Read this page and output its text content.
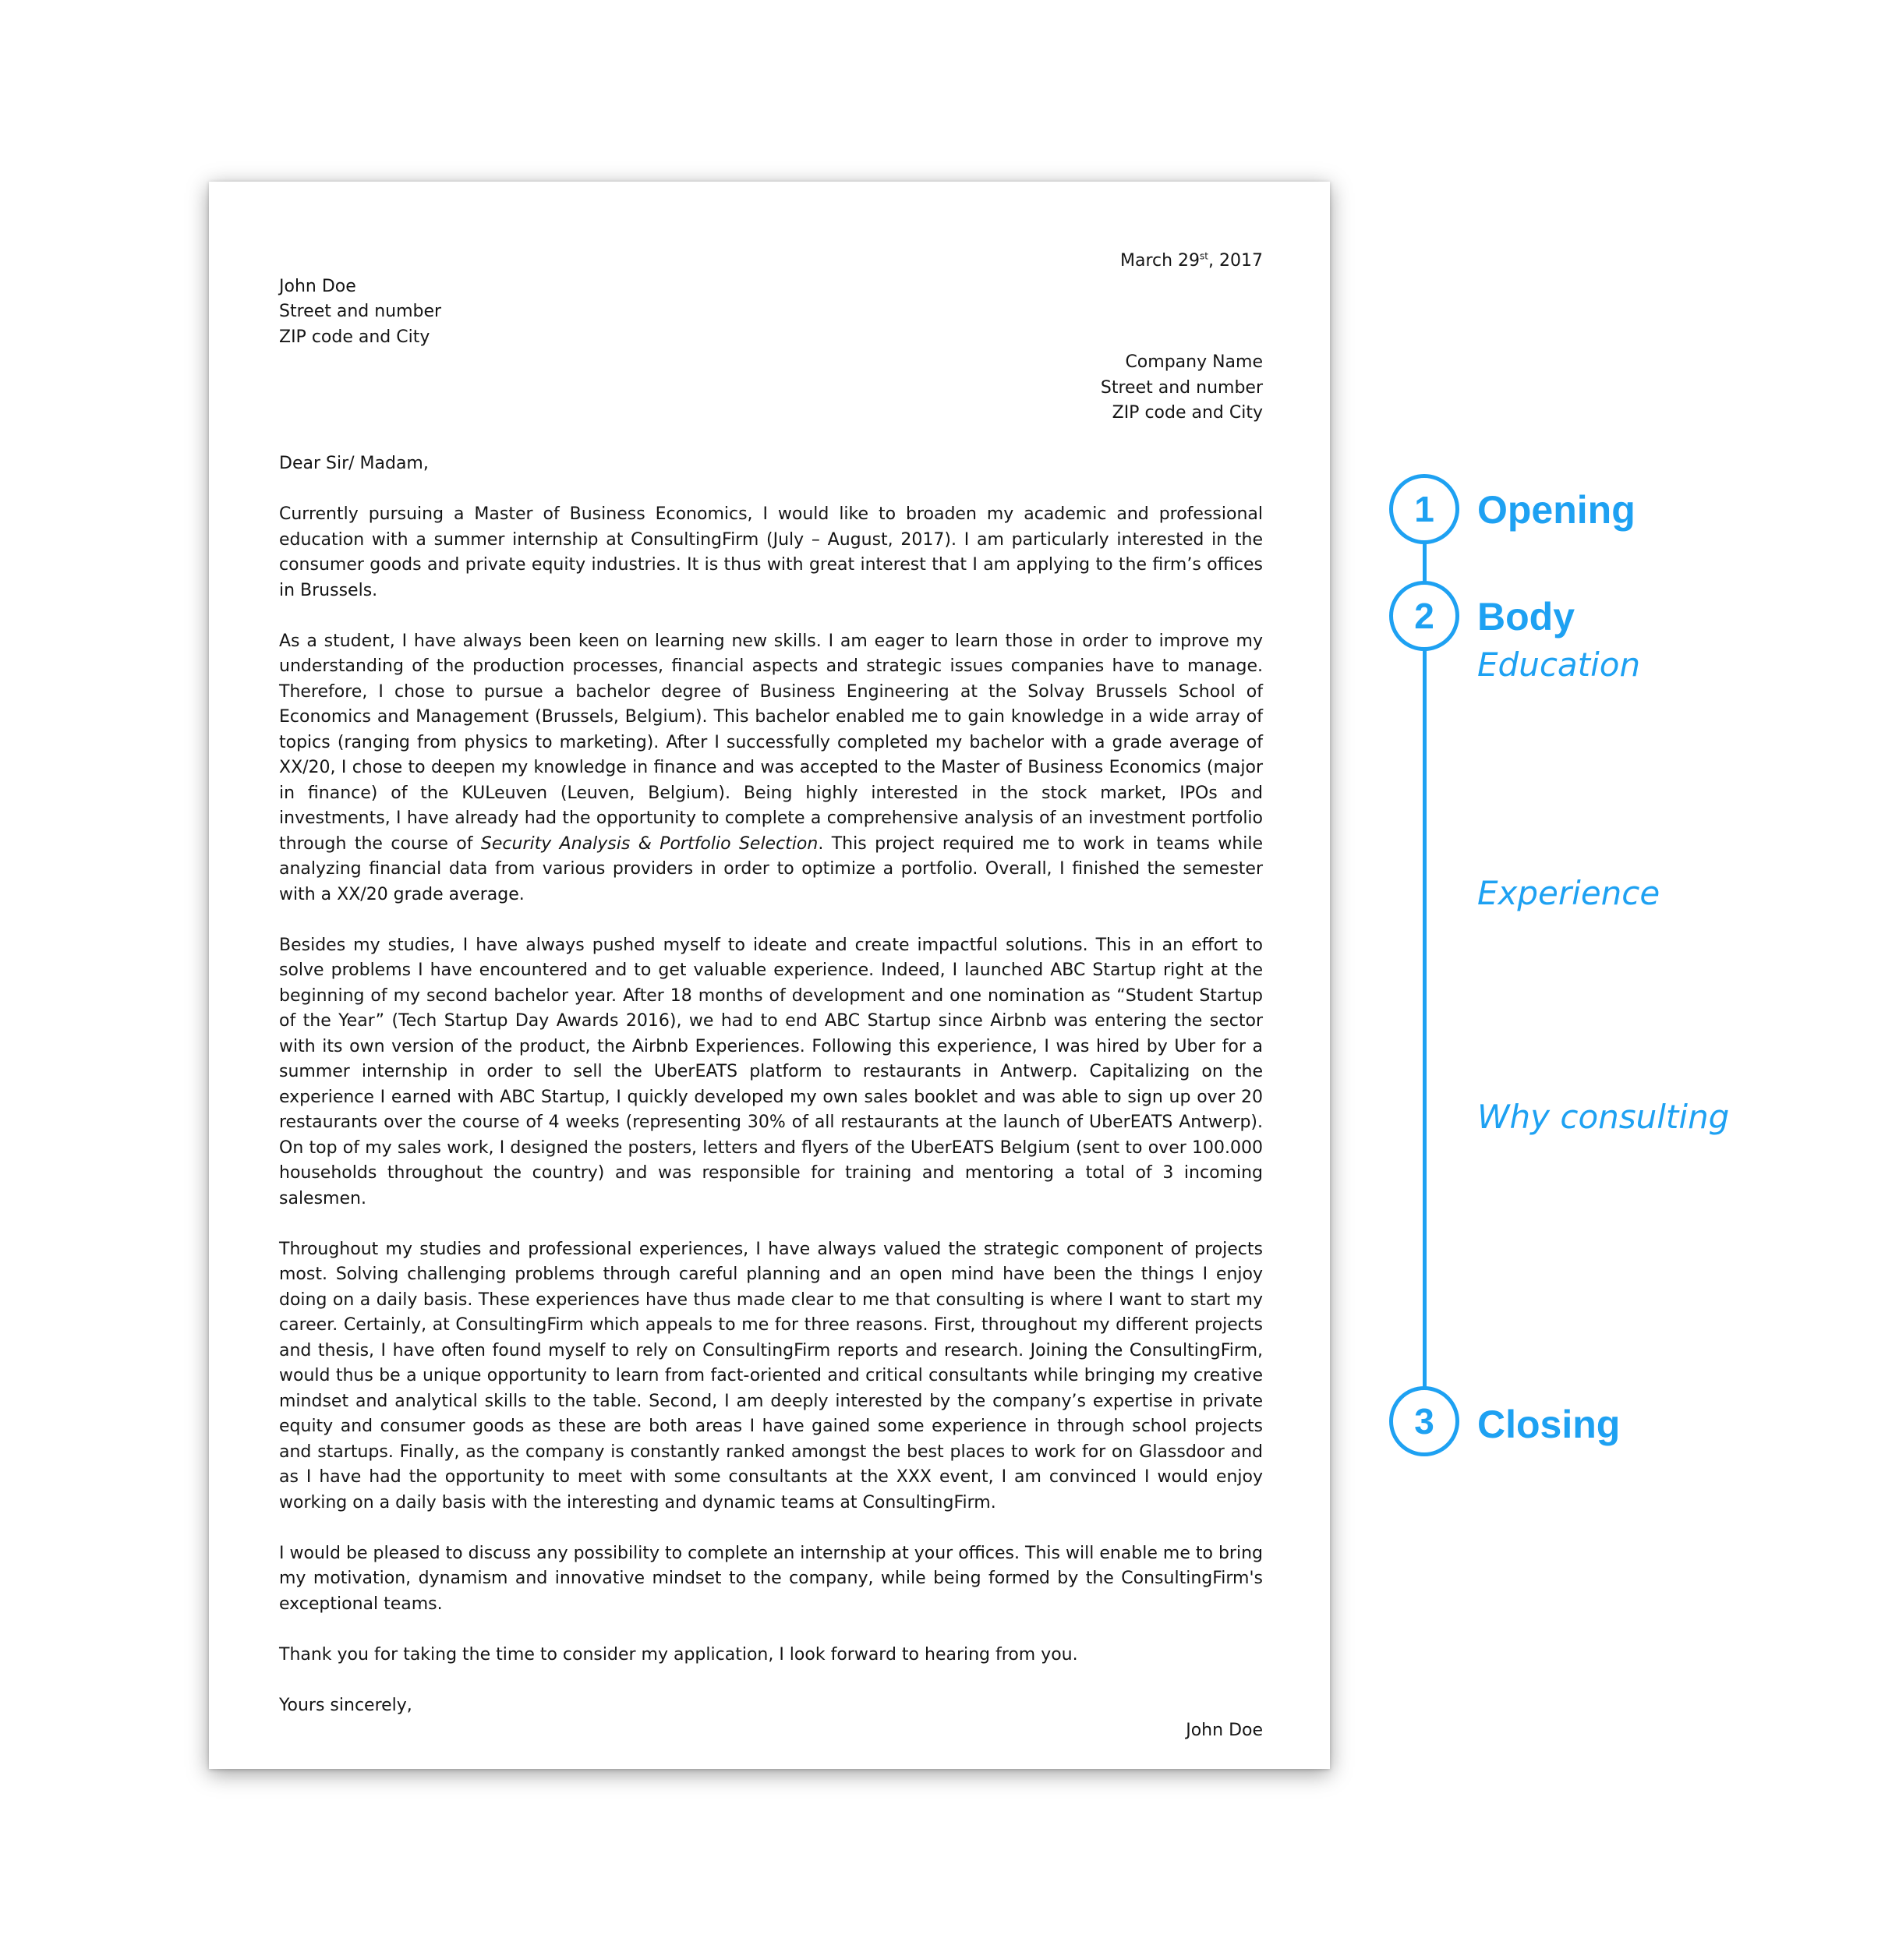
March 29st, 2017
John Doe
Street and number
ZIP code and City
Company Name
Street and number
ZIP code and City
Dear Sir/ Madam,

Currently pursuing a Master of Business Economics, I would like to broaden my academic and professional education with a summer internship at ConsultingFirm (July – August, 2017). I am particularly interested in the consumer goods and private equity industries. It is thus with great interest that I am applying to the firm’s offices in Brussels.

As a student, I have always been keen on learning new skills. I am eager to learn those in order to improve my understanding of the production processes, financial aspects and strategic issues companies have to manage. Therefore, I chose to pursue a bachelor degree of Business Engineering at the Solvay Brussels School of Economics and Management (Brussels, Belgium). This bachelor enabled me to gain knowledge in a wide array of topics (ranging from physics to marketing). After I successfully completed my bachelor with a grade average of XX/20, I chose to deepen my knowledge in finance and was accepted to the Master of Business Economics (major in finance) of the KULeuven (Leuven, Belgium). Being highly interested in the stock market, IPOs and investments, I have already had the opportunity to complete a comprehensive analysis of an investment portfolio through the course of Security Analysis & Portfolio Selection. This project required me to work in teams while analyzing financial data from various providers in order to optimize a portfolio. Overall, I finished the semester with a XX/20 grade average.

Besides my studies, I have always pushed myself to ideate and create impactful solutions. This in an effort to solve problems I have encountered and to get valuable experience. Indeed, I launched ABC Startup right at the beginning of my second bachelor year. After 18 months of development and one nomination as “Student Startup of the Year” (Tech Startup Day Awards 2016), we had to end ABC Startup since Airbnb was entering the sector with its own version of the product, the Airbnb Experiences. Following this experience, I was hired by Uber for a summer internship in order to sell the UberEATS platform to restaurants in Antwerp. Capitalizing on the experience I earned with ABC Startup, I quickly developed my own sales booklet and was able to sign up over 20 restaurants over the course of 4 weeks (representing 30% of all restaurants at the launch of UberEATS Antwerp). On top of my sales work, I designed the posters, letters and flyers of the UberEATS Belgium (sent to over 100.000 households throughout the country) and was responsible for training and mentoring a total of 3 incoming salesmen.

Throughout my studies and professional experiences, I have always valued the strategic component of projects most. Solving challenging problems through careful planning and an open mind have been the things I enjoy doing on a daily basis. These experiences have thus made clear to me that consulting is where I want to start my career. Certainly, at ConsultingFirm which appeals to me for three reasons. First, throughout my different projects and thesis, I have often found myself to rely on ConsultingFirm reports and research. Joining the ConsultingFirm, would thus be a unique opportunity to learn from fact-oriented and critical consultants while bringing my creative mindset and analytical skills to the table. Second, I am deeply interested by the company’s expertise in private equity and consumer goods as these are both areas I have gained some experience in through school projects and startups. Finally, as the company is constantly ranked amongst the best places to work for on Glassdoor and as I have had the opportunity to meet with some consultants at the XXX event, I am convinced I would enjoy working on a daily basis with the interesting and dynamic teams at ConsultingFirm.

I would be pleased to discuss any possibility to complete an internship at your offices. This will enable me to bring my motivation, dynamism and innovative mindset to the company, while being formed by the ConsultingFirm's exceptional teams.

Thank you for taking the time to consider my application, I look forward to hearing from you.

Yours sincerely,
John Doe
1	Opening
2	Body
Education
Experience
Why consulting
3	Closing
